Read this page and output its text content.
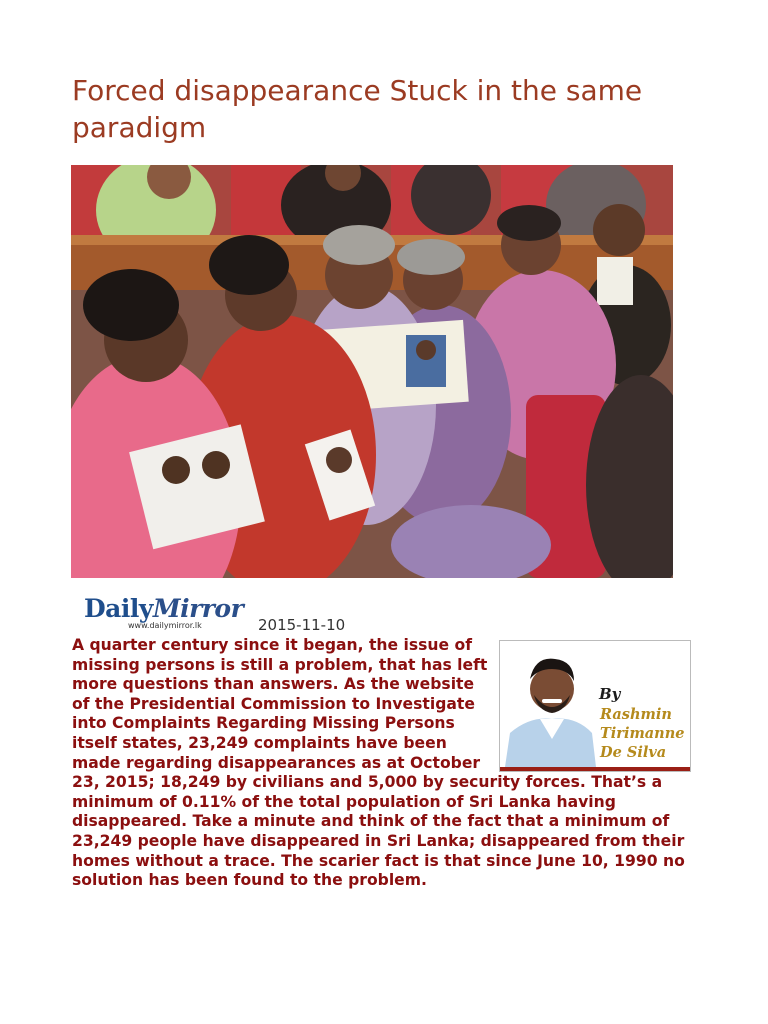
Forced disappearance Stuck in the same paradigm
DailyMirror
www.dailymirror.lk	2015-11-10

A quarter century since it began, the issue of missing persons is still a problem, that has left more questions than answers. As the website of the Presidential Commission to Investigate into Complaints Regarding Missing Persons itself states, 23,249 complaints have been made regarding disappearances as at October 23, 2015; 18,249 by civilians and 5,000 by security forces. That’s a minimum of 0.11% of the total population of Sri Lanka having disappeared. Take a minute and think of the fact that a minimum of 23,249 people have disappeared in Sri Lanka; disappeared from their homes without a trace. The scarier fact is that since June 10, 1990 no solution has been found to the problem.

By

Rashmin
Tirimanne
De Silva
